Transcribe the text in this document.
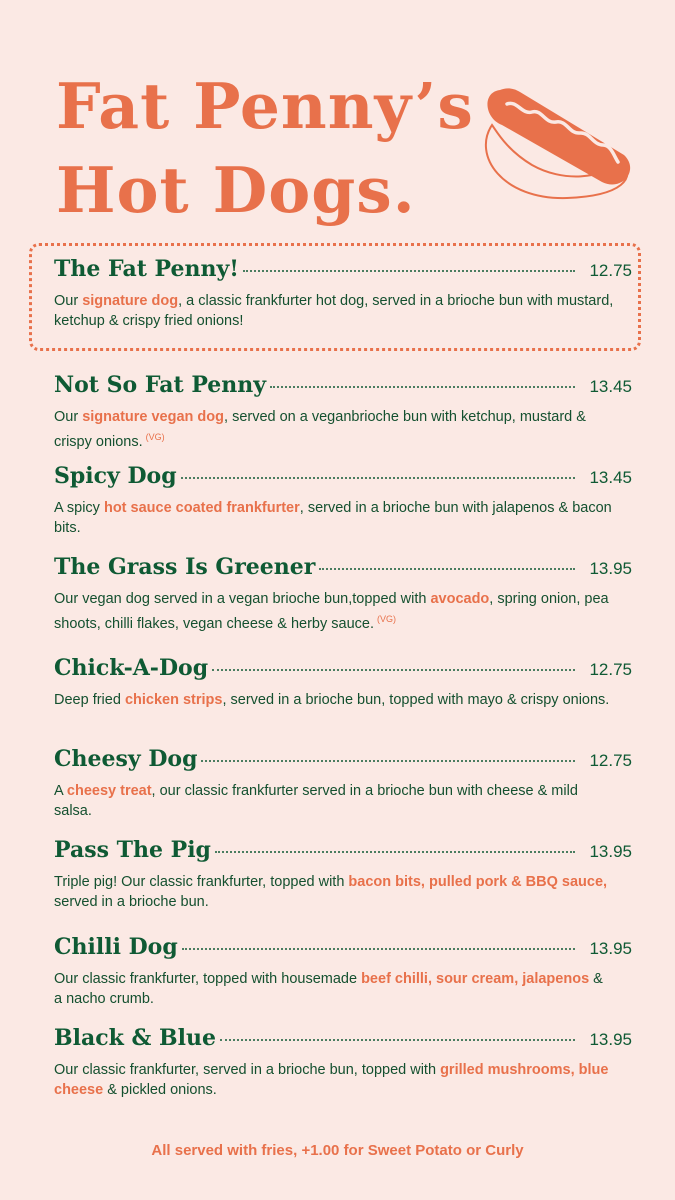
Fat Penny’s
Hot Dogs.
The Fat Penny!	12.75
Our signature dog, a classic frankfurter hot dog, served in a brioche bun with mustard, ketchup & crispy fried onions!
Not So Fat Penny	13.45
Our signature vegan dog, served on a veganbrioche bun with ketchup, mustard & crispy onions. $^{(VG)}$
Spicy Dog	13.45
A spicy hot sauce coated frankfurter, served in a brioche bun with jalapenos & bacon bits.
The Grass Is Greener	13.95
Our vegan dog served in a vegan brioche bun,topped with avocado, spring onion, pea shoots, chilli flakes, vegan cheese & herby sauce. $^{(VG)}$
Chick-A-Dog	12.75
Deep fried chicken strips, served in a brioche bun, topped with mayo & crispy onions.
Cheesy Dog	12.75
A cheesy treat, our classic frankfurter served in a brioche bun with cheese & mild salsa.
Pass The Pig	13.95
Triple pig! Our classic frankfurter, topped with bacon bits, pulled pork & BBQ sauce, served in a brioche bun.
Chilli Dog	13.95
Our classic frankfurter, topped with housemade beef chilli, sour cream, jalapenos & a nacho crumb.
Black & Blue	13.95
Our classic frankfurter, served in a brioche bun, topped with grilled mushrooms, blue cheese & pickled onions.
All served with fries, +1.00 for Sweet Potato or Curly
